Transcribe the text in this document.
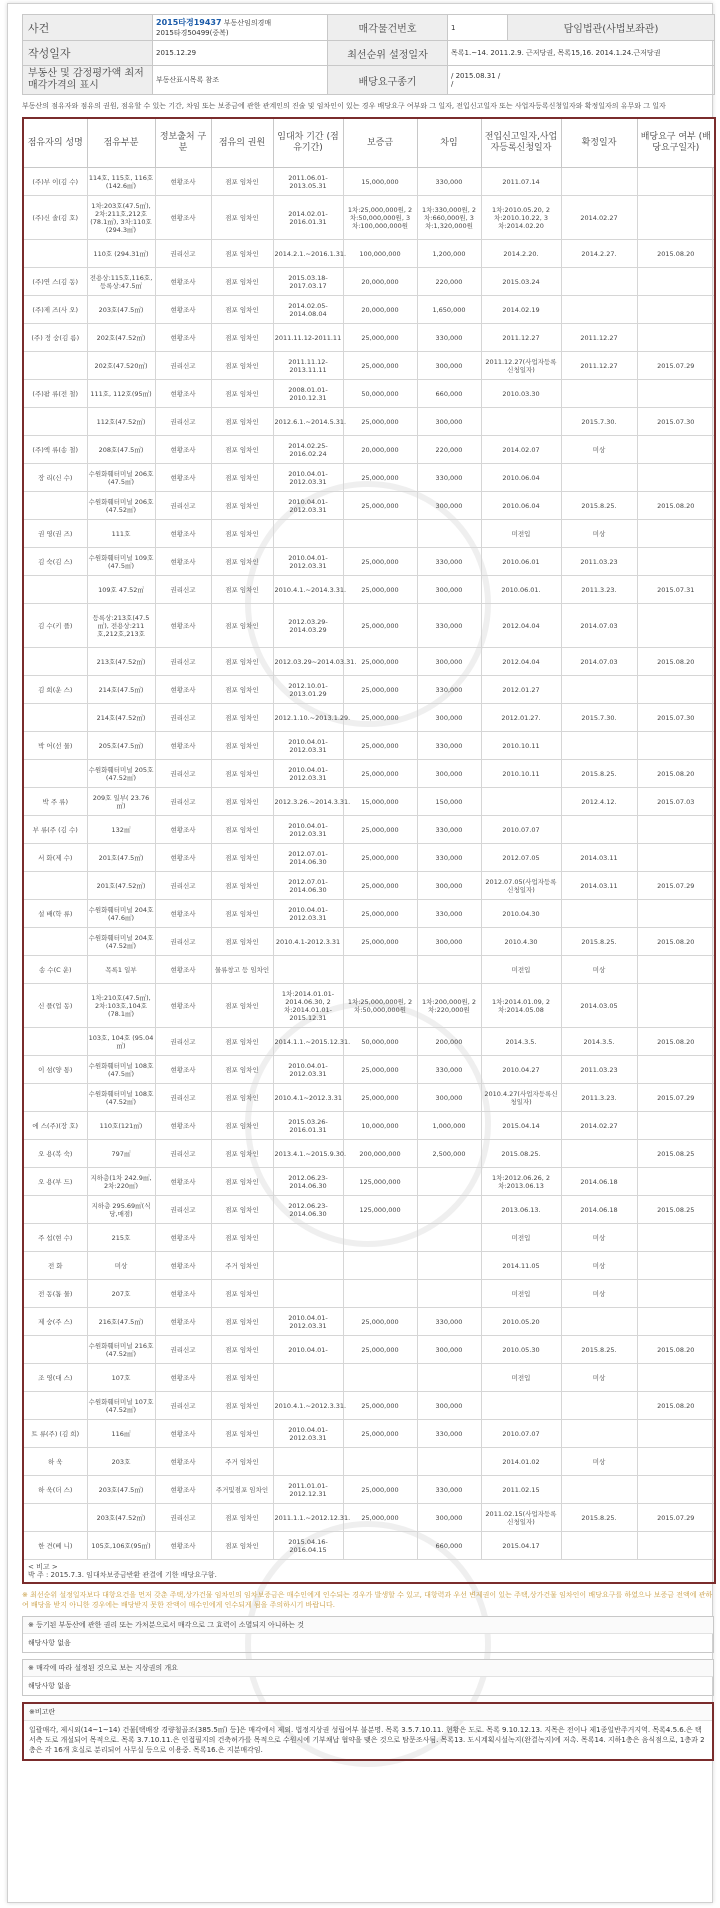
사건	2015타경19437 부동산임의경매
2015타경50499(중복)	매각물건번호	1	담임법관(사법보좌관)
작성일자	2015.12.29	최선순위 설정일자	목록1.~14. 2011.2.9. 근저당권, 목록15,16. 2014.1.24.근저당권	
부동산 및 감정평가액 최저매각가격의 표시	부동산표시목록 참조	배당요구종기	/ 2015.08.31 /
/	
부동산의 점유자와 점유의 권원, 점유할 수 있는 기간, 차임 또는 보증금에 관한 관계인의 진술 및 임차인이 있는 경우 배당요구 여부와 그 일자, 전입신고일자 또는 사업자등록신청일자와 확정일자의 유무와 그 일자
점유자의 성명	점유부분	정보출처 구분	점유의 권원	임대차 기간 (점유기간)	보증금	차임	전입신고일자,사업자등록신청일자	확정일자	배당요구 여부 (배당요구일자)
(주)부 이(김 수)	114호, 115호, 116호(142.6㎡)	현황조사	점포 임차인	2011.06.01-2013.05.31	15,000,000	330,000	2011.07.14		
(주)신 솔(김 호)	1차:203호(47.5㎡), 2차:211호,212호(78.1㎡), 3차:110호(294.3㎡)	현황조사	점포 임차인	2014.02.01-2016.01.31	1차:25,000,000원, 2차:50,000,000원, 3차:100,000,000원	1차:330,000원, 2차:660,000원, 3차:1,320,000원	1차:2010.05.20, 2차:2010.10.22, 3차:2014.02.20	2014.02.27	
	110호 (294.31㎡)	권리신고	점포 임차인	2014.2.1.~2016.1.31.	100,000,000	1,200,000	2014.2.20.	2014.2.27.	2015.08.20
(주)연 스(김 동)	전용상:115호,116호, 등록상:47.5㎡	현황조사	점포 임차인	2015.03.18-2017.03.17	20,000,000	220,000	2015.03.24		
(주)제 즈(사 오)	203호(47.5㎡)	현황조사	점포 임차인	2014.02.05-2014.08.04	20,000,000	1,650,000	2014.02.19		
(주) 정 숭(김 름)	202호(47.52㎡)	현황조사	점포 임차인	2011.11.12-2011.11	25,000,000	330,000	2011.12.27	2011.12.27	
	202호(47.520㎡)	권리신고	점포 임차인	2011.11.12-2013.11.11	25,000,000	300,000	2011.12.27(사업자등록신청일자)	2011.12.27	2015.07.29
(주)팜 류(전 철)	111호, 112호(95㎡)	현황조사	점포 임차인	2008.01.01-2010.12.31	50,000,000	660,000	2010.03.30		
	112호(47.52㎡)	권리신고	점포 임차인	2012.6.1.~2014.5.31.	25,000,000	300,000		2015.7.30.	2015.07.30
(주)엑 류(송 철)	208호(47.5㎡)	현황조사	점포 임차인	2014.02.25-2016.02.24	20,000,000	220,000	2014.02.07	미상	
장 리(신 수)	수원화훼터미널 206호(47.5㎡)	현황조사	점포 임차인	2010.04.01-2012.03.31	25,000,000	330,000	2010.06.04		
	수원화훼터미널 206호(47.52㎡)	권리신고	점포 임차인	2010.04.01-2012.03.31	25,000,000	300,000	2010.06.04	2015.8.25.	2015.08.20
권 영(권 즈)	111호	현황조사	점포 임차인				미전입	미상	
김 숙(김 스)	수원화훼터미널 109호(47.5㎡)	현황조사	점포 임차인	2010.04.01-2012.03.31	25,000,000	330,000	2010.06.01	2011.03.23	
	109호 47.52㎡	권리신고	점포 임차인	2010.4.1.~2014.3.31.	25,000,000	300,000	2010.06.01.	2011.3.23.	2015.07.31
김 수(키 플)	등록상:213호(47.5㎡), 전용상:211호,212호,213호	현황조사	점포 임차인	2012.03.29-2014.03.29	25,000,000	330,000	2012.04.04	2014.07.03	
	213호(47.52㎡)	권리신고	점포 임차인	2012.03.29~2014.03.31.	25,000,000	300,000	2012.04.04	2014.07.03	2015.08.20
김 희(운 스)	214호(47.5㎡)	현황조사	점포 임차인	2012.10.01-2013.01.29	25,000,000	330,000	2012.01.27		
	214호(47.52㎡)	권리신고	점포 임차인	2012.1.10.~2013.1.29.	25,000,000	300,000	2012.01.27.	2015.7.30.	2015.07.30
박 어(선 물)	205호(47.5㎡)	현황조사	점포 임차인	2010.04.01-2012.03.31	25,000,000	330,000	2010.10.11		
	수원화훼터미널 205호(47.52㎡)	권리신고	점포 임차인	2010.04.01-2012.03.31	25,000,000	300,000	2010.10.11	2015.8.25.	2015.08.20
박 주 류)	209호 일부( 23.76㎡)	권리신고	점포 임차인	2012.3.26.~2014.3.31.	15,000,000	150,000		2012.4.12.	2015.07.03
부 류(주 (김 수)	132㎡	현황조사	점포 임차인	2010.04.01-2012.03.31	25,000,000	330,000	2010.07.07		
서 화(제 수)	201호(47.5㎡)	현황조사	점포 임차인	2012.07.01-2014.06.30	25,000,000	330,000	2012.07.05	2014.03.11	
	201호(47.52㎡)	권리신고	점포 임차인	2012.07.01-2014.06.30	25,000,000	300,000	2012.07.05(사업자등록신청일자)	2014.03.11	2015.07.29
설 배(학 류)	수원화훼터미널 204호(47.6㎡)	현황조사	점포 임차인	2010.04.01-2012.03.31	25,000,000	330,000	2010.04.30		
	수원화훼터미널 204호(47.52㎡)	권리신고	점포 임차인	2010.4.1-2012.3.31	25,000,000	300,000	2010.4.30	2015.8.25.	2015.08.20
송 수(C 운)	목록1 일부	현황조사	물류창고 등 임차인				미전입	미상	
신 플(업 동)	1차:210호(47.5㎡), 2차:103호,104호(78.1㎡)	현황조사	점포 임차인	1차:2014.01.01-2014.06.30, 2차:2014.01.01-2015.12.31	1차:25,000,000원, 2차:50,000,000원	1차:200,000원, 2차:220,000원	1차:2014.01.09, 2차:2014.05.08	2014.03.05	
	103호, 104호 (95.04㎡)	권리신고	점포 임차인	2014.1.1.~2015.12.31.	50,000,000	200,000	2014.3.5.	2014.3.5.	2015.08.20
이 섬(양 통)	수원화훼터미널 108호(47.5㎡)	현황조사	점포 임차인	2010.04.01-2012.03.31	25,000,000	330,000	2010.04.27	2011.03.23	
	수원화훼터미널 108호(47.52㎡)	권리신고	점포 임차인	2010.4.1~2012.3.31	25,000,000	300,000	2010.4.27(사업자등록신청일자)	2011.3.23.	2015.07.29
에 스(주)(장 호)	110호(121㎡)	현황조사	점포 임차인	2015.03.26-2016.01.31	10,000,000	1,000,000	2015.04.14	2014.02.27	
오 용(복 숙)	797㎡	권리신고	점포 임차인	2013.4.1.~2015.9.30.	200,000,000	2,500,000	2015.08.25.		2015.08.25
오 용(부 드)	지하층(1차 242.9㎡, 2차:220㎡)	현황조사	점포 임차인	2012.06.23-2014.06.30	125,000,000		1차:2012.06.26, 2차:2013.06.13	2014.06.18	
	지하층 295.69㎡(식당,매점)	권리신고	점포 임차인	2012.06.23-2014.06.30	125,000,000		2013.06.13.	2014.06.18	2015.08.25
주 섭(현 수)	215호	현황조사	점포 임차인				미전입	미상	
전 화	미상	현황조사	주거 임차인				2014.11.05	미상	
전 동(톱 물)	207호	현황조사	점포 임차인				미전입	미상	
제 숭(주 스)	216호(47.5㎡)	현황조사	점포 임차인	2010.04.01-2012.03.31	25,000,000	330,000	2010.05.20		
	수원화훼터미널 216호(47.52㎡)	권리신고	점포 임차인	2010.04.01-	25,000,000	300,000	2010.05.30	2015.8.25.	2015.08.20
조 영(대 스)	107호	현황조사	점포 임차인				미전입	미상	
	수원화훼터미널 107호(47.52㎡)	권리신고	점포 임차인	2010.4.1.~2012.3.31.	25,000,000	300,000			2015.08.20
트 류(주) (김 희)	116㎡	현황조사	점포 임차인	2010.04.01-2012.03.31	25,000,000	330,000	2010.07.07		
하 욱	203호	현황조사	주거 임차인				2014.01.02	미상	
하 욱(더 스)	203호(47.5㎡)	현황조사	주거및점포 임차인	2011.01.01-2012.12.31	25,000,000	330,000	2011.02.15		
	203호(47.52㎡)	권리신고	점포 임차인	2011.1.1.~2012.12.31.	25,000,000	300,000	2011.02.15(사업자등록신청일자)	2015.8.25.	2015.07.29
한 견(베 니)	105호,106호(95㎡)	현황조사	점포 임차인	2015.04.16-2016.04.15		660,000	2015.04.17		
< 비고 >
박 주 : 2015.7.3. 임대차보증금반환 관결에 기한 배당요구함.									
※ 최선순위 설정일자보다 대항요건을 먼저 갖춘 주택,상가건물 임차인의 임차보증금은 매수인에게 인수되는 경우가 발생할 수 있고, 대항력과 우선 변제권이 있는 주택,상가건물 임차인이 배당요구를 하였으나 보증금 전액에 관하여 배당을 받지 아니한 경우에는 배당받지 못한 잔액이 매수인에게 인수되게 됨을 주의하시기 바랍니다.
※ 등기된 부동산에 관한 권리 또는 가처분으로서 매각으로 그 효력이 소멸되지 아니하는 것
해당사항 없음
※ 매각에 따라 설정된 것으로 보는 지상권의 개요
해당사항 없음
※비고란
일괄매각, 제시외(14~1~14) 건물[택배장 경량철골조(385.5㎡) 등]은 매각에서 제외. 법정지상권 성립여부 불분명. 목록 3.5.7.10.11. 현황은 도로. 목록 9.10.12.13. 지목은 전이나 제1종일반주거지역. 목록4.5.6.은 택서측 도로 개설되어 목적으로. 목록 3.7.10.11.은 인접필지의 건축허가를 목적으로 수원시에 기부채납 협약을 맺은 것으로 탐문조사됨. 목록13. 도시계획시설녹지(완결녹지)에 저촉. 목록14. 지하1층은 음식점으로, 1층과 2층은 각 16개 호실로 분리되어 사무실 등으로 이용중. 목록16.은 지분매각임.
